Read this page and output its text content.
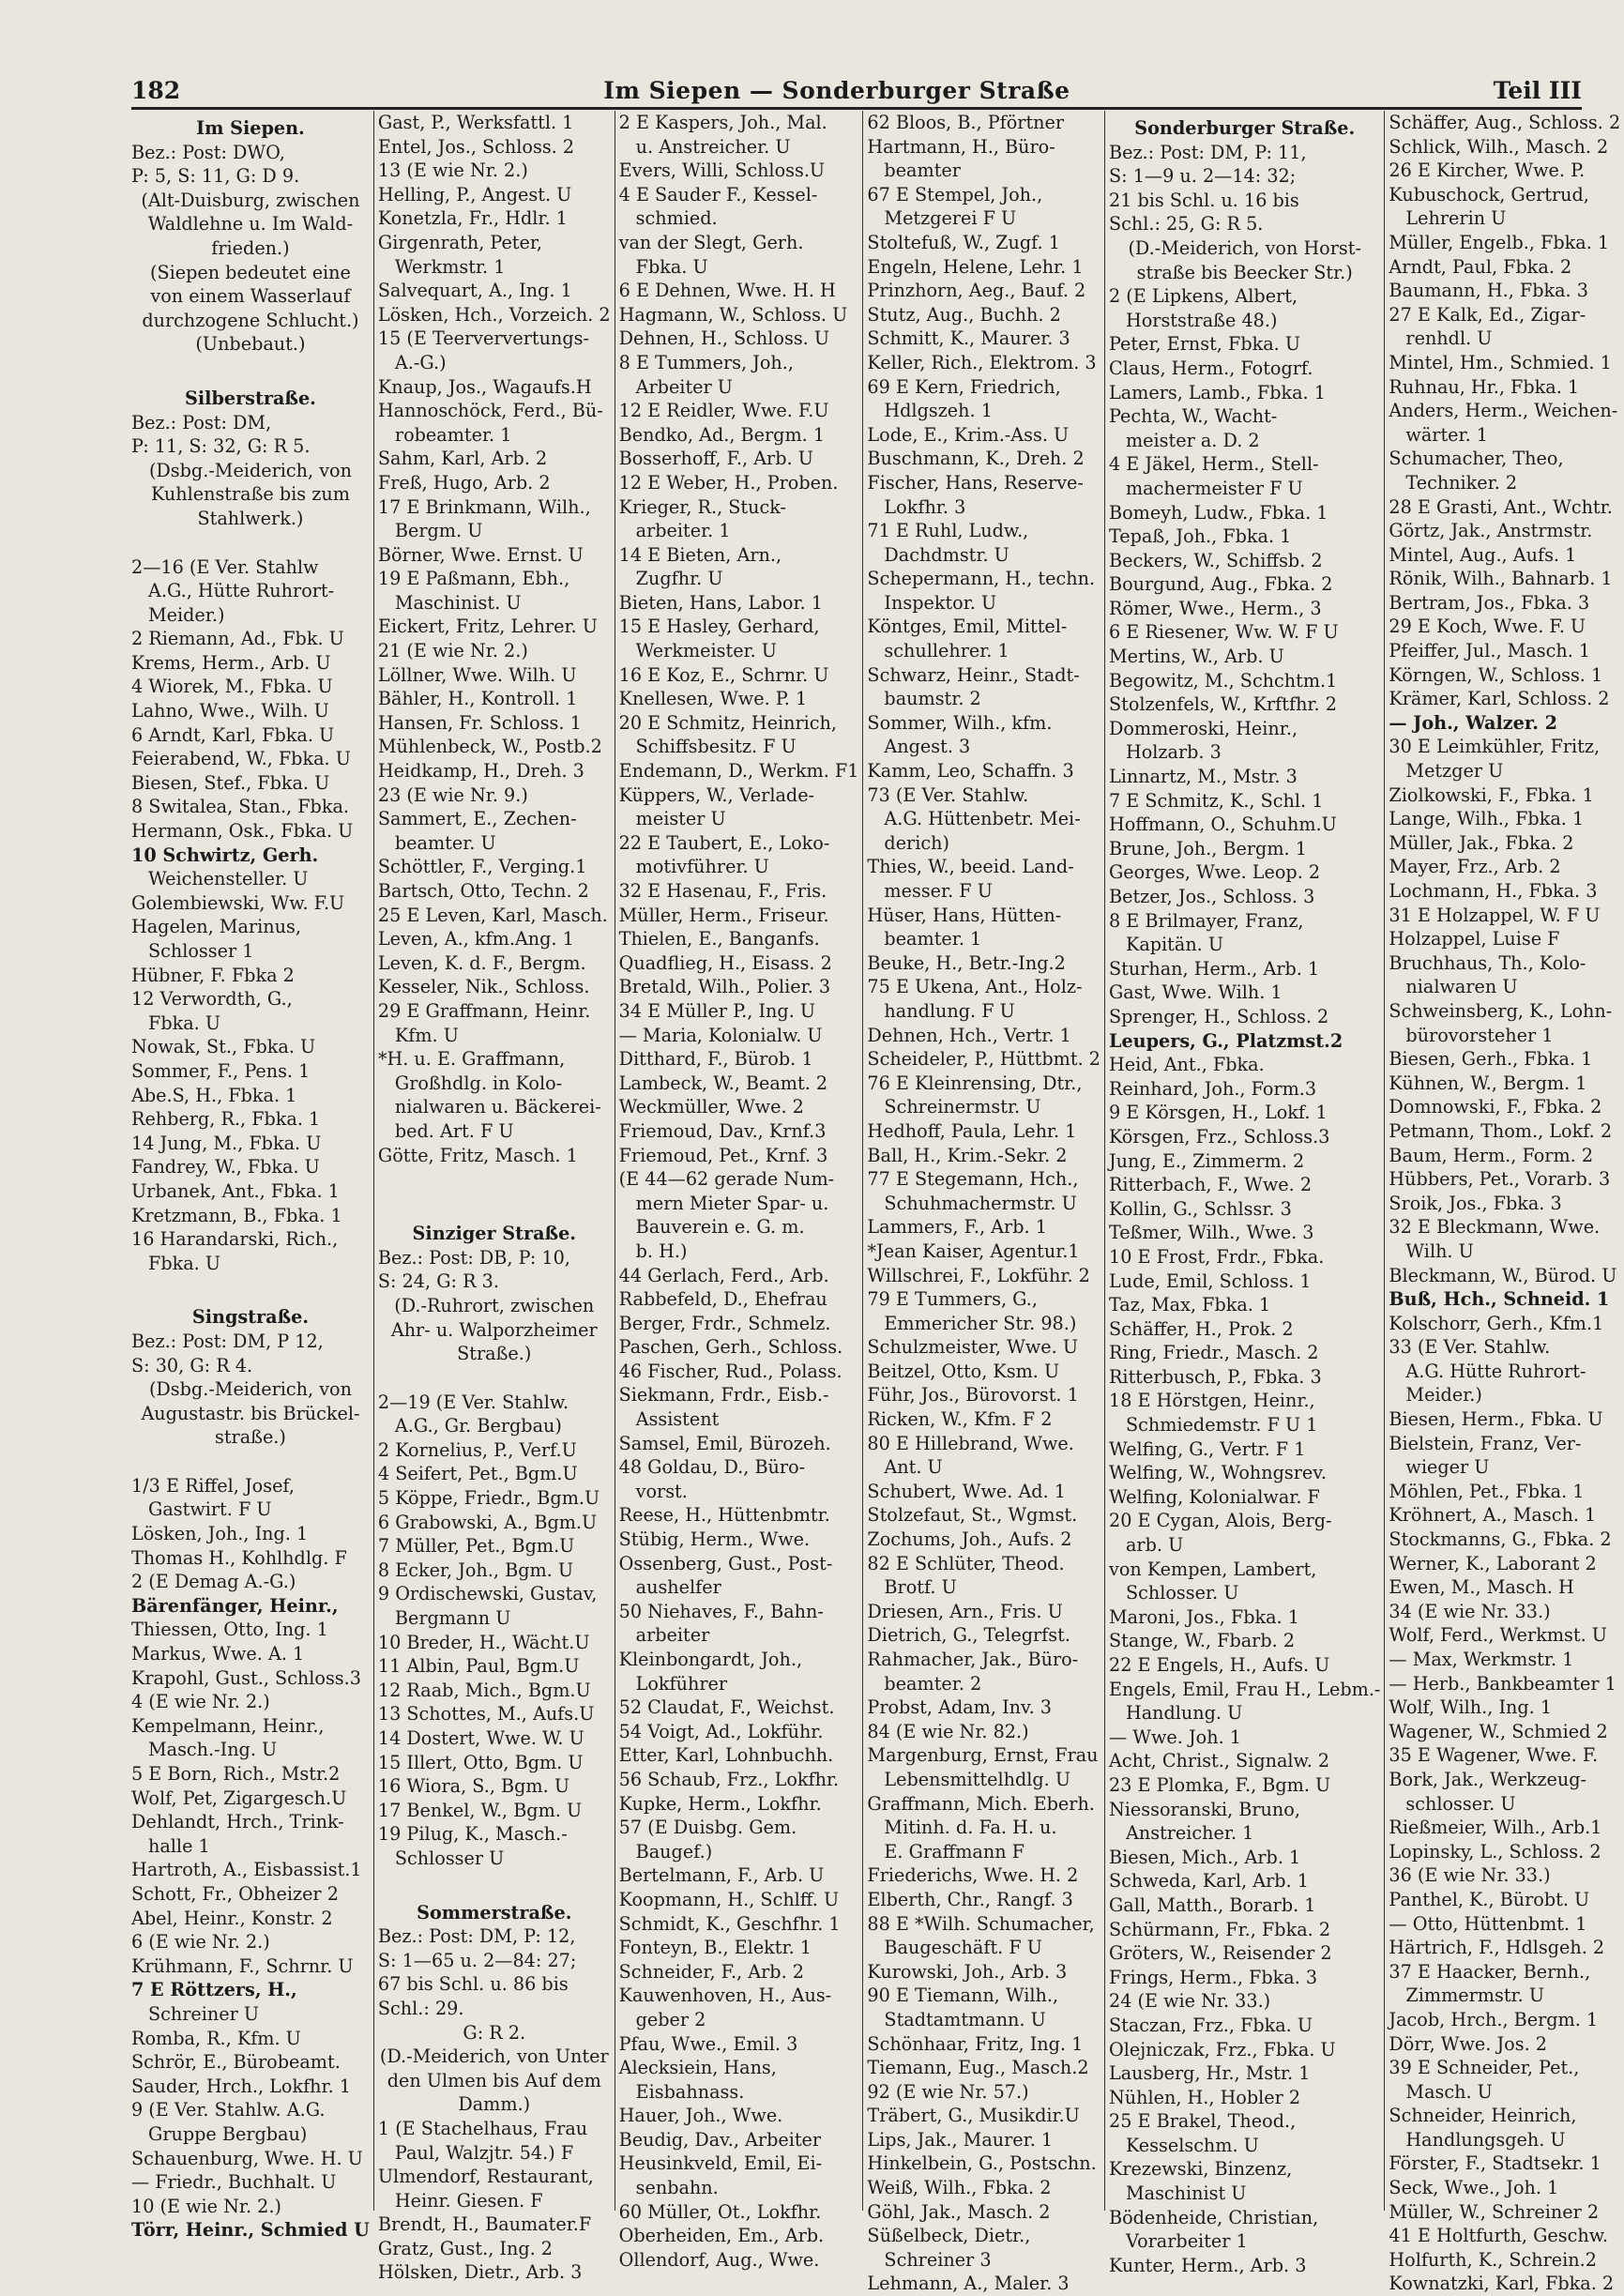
182	Im Siepen — Sonderburger Straße	Teil III
Im Siepen.
Bez.: Post: DWO,
P: 5, S: 11, G: D 9.
(Alt-Duisburg, zwischen
Waldlehne u. Im Wald-
frieden.)
(Siepen bedeutet eine
von einem Wasserlauf
durchzogene Schlucht.)
(Unbebaut.)
Silberstraße.
Bez.: Post: DM,
P: 11, S: 32, G: R 5.
(Dsbg.-Meiderich, von
Kuhlenstraße bis zum
Stahlwerk.)
2—16 (E Ver. Stahlw
A.G., Hütte Ruhrort-
Meider.)
2 Riemann, Ad., Fbk. U
Krems, Herm., Arb. U
4 Wiorek, M., Fbka. U
Lahno, Wwe., Wilh. U
6 Arndt, Karl, Fbka. U
Feierabend, W., Fbka. U
Biesen, Stef., Fbka. U
8 Switalea, Stan., Fbka.
Hermann, Osk., Fbka. U
10 Schwirtz, Gerh.
Weichensteller. U
Golembiewski, Ww. F.U
Hagelen, Marinus,
Schlosser 1
Hübner, F. Fbka 2
12 Verwordth, G.,
Fbka. U
Nowak, St., Fbka. U
Sommer, F., Pens. 1
Abe.S, H., Fbka. 1
Rehberg, R., Fbka. 1
14 Jung, M., Fbka. U
Fandrey, W., Fbka. U
Urbanek, Ant., Fbka. 1
Kretzmann, B., Fbka. 1
16 Harandarski, Rich.,
Fbka. U
Singstraße.
Bez.: Post: DM, P 12,
S: 30, G: R 4.
(Dsbg.-Meiderich, von
Augustastr. bis Brückel-
straße.)
1/3 E Riffel, Josef,
Gastwirt. F U
Lösken, Joh., Ing. 1
Thomas H., Kohlhdlg. F
2 (E Demag A.-G.)
Bärenfänger, Heinr.,
Thiessen, Otto, Ing. 1
Markus, Wwe. A. 1
Krapohl, Gust., Schloss.3
4 (E wie Nr. 2.)
Kempelmann, Heinr.,
Masch.-Ing. U
5 E Born, Rich., Mstr.2
Wolf, Pet, Zigargesch.U
Dehlandt, Hrch., Trink-
halle 1
Hartroth, A., Eisbassist.1
Schott, Fr., Obheizer 2
Abel, Heinr., Konstr. 2
6 (E wie Nr. 2.)
Krühmann, F., Schrnr. U
7 E Röttzers, H.,
Schreiner U
Romba, R., Kfm. U
Schrör, E., Bürobeamt.
Sauder, Hrch., Lokfhr. 1
9 (E Ver. Stahlw. A.G.
Gruppe Bergbau)
Schauenburg, Wwe. H. U
— Friedr., Buchhalt. U
10 (E wie Nr. 2.)
Törr, Heinr., Schmied U
Gast, P., Werksfattl. 1
Entel, Jos., Schloss. 2
13 (E wie Nr. 2.)
Helling, P., Angest. U
Konetzla, Fr., Hdlr. 1
Girgenrath, Peter,
Werkmstr. 1
Salvequart, A., Ing. 1
Lösken, Hch., Vorzeich. 2
15 (E Teerververtungs-
A.-G.)
Knaup, Jos., Wagaufs.H
Hannoschöck, Ferd., Bü-
robeamter. 1
Sahm, Karl, Arb. 2
Freß, Hugo, Arb. 2
17 E Brinkmann, Wilh.,
Bergm. U
Börner, Wwe. Ernst. U
19 E Paßmann, Ebh.,
Maschinist. U
Eickert, Fritz, Lehrer. U
21 (E wie Nr. 2.)
Löllner, Wwe. Wilh. U
Bähler, H., Kontroll. 1
Hansen, Fr. Schloss. 1
Mühlenbeck, W., Postb.2
Heidkamp, H., Dreh. 3
23 (E wie Nr. 9.)
Sammert, E., Zechen-
beamter. U
Schöttler, F., Verging.1
Bartsch, Otto, Techn. 2
25 E Leven, Karl, Masch.
Leven, A., kfm.Ang. 1
Leven, K. d. F., Bergm.
Kesseler, Nik., Schloss.
29 E Graffmann, Heinr.
Kfm. U
*H. u. E. Graffmann,
Großhdlg. in Kolo-
nialwaren u. Bäckerei-
bed. Art. F U
Götte, Fritz, Masch. 1
Sinziger Straße.
Bez.: Post: DB, P: 10,
S: 24, G: R 3.
(D.-Ruhrort, zwischen
Ahr- u. Walporzheimer
Straße.)
2—19 (E Ver. Stahlw.
A.G., Gr. Bergbau)
2 Kornelius, P., Verf.U
4 Seifert, Pet., Bgm.U
5 Köppe, Friedr., Bgm.U
6 Grabowski, A., Bgm.U
7 Müller, Pet., Bgm.U
8 Ecker, Joh., Bgm. U
9 Ordischewski, Gustav,
Bergmann U
10 Breder, H., Wächt.U
11 Albin, Paul, Bgm.U
12 Raab, Mich., Bgm.U
13 Schottes, M., Aufs.U
14 Dostert, Wwe. W. U
15 Illert, Otto, Bgm. U
16 Wiora, S., Bgm. U
17 Benkel, W., Bgm. U
19 Pilug, K., Masch.-
Schlosser U
Sommerstraße.
Bez.: Post: DM, P: 12,
S: 1—65 u. 2—84: 27;
67 bis Schl. u. 86 bis
Schl.: 29.
G: R 2.
(D.-Meiderich, von Unter
den Ulmen bis Auf dem
Damm.)
1 (E Stachelhaus, Frau
Paul, Walzjtr. 54.) F
Ulmendorf, Restaurant,
Heinr. Giesen. F
Brendt, H., Baumater.F
Gratz, Gust., Ing. 2
Hölsken, Dietr., Arb. 3
2 E Kaspers, Joh., Mal.
u. Anstreicher. U
Evers, Willi, Schloss.U
4 E Sauder F., Kessel-
schmied.
van der Slegt, Gerh.
Fbka. U
6 E Dehnen, Wwe. H. H
Hagmann, W., Schloss. U
Dehnen, H., Schloss. U
8 E Tummers, Joh.,
Arbeiter U
12 E Reidler, Wwe. F.U
Bendko, Ad., Bergm. 1
Bosserhoff, F., Arb. U
12 E Weber, H., Proben.
Krieger, R., Stuck-
arbeiter. 1
14 E Bieten, Arn.,
Zugfhr. U
Bieten, Hans, Labor. 1
15 E Hasley, Gerhard,
Werkmeister. U
16 E Koz, E., Schrnr. U
Knellesen, Wwe. P. 1
20 E Schmitz, Heinrich,
Schiffsbesitz. F U
Endemann, D., Werkm. F1
Küppers, W., Verlade-
meister U
22 E Taubert, E., Loko-
motivführer. U
32 E Hasenau, F., Fris.
Müller, Herm., Friseur.
Thielen, E., Banganfs.
Quadflieg, H., Eisass. 2
Bretald, Wilh., Polier. 3
34 E Müller P., Ing. U
— Maria, Kolonialw. U
Ditthard, F., Bürob. 1
Lambeck, W., Beamt. 2
Weckmüller, Wwe. 2
Friemoud, Dav., Krnf.3
Friemoud, Pet., Krnf. 3
(E 44—62 gerade Num-
mern Mieter Spar- u.
Bauverein e. G. m.
b. H.)
44 Gerlach, Ferd., Arb.
Rabbefeld, D., Ehefrau
Berger, Frdr., Schmelz.
Paschen, Gerh., Schloss.
46 Fischer, Rud., Polass.
Siekmann, Frdr., Eisb.-
Assistent
Samsel, Emil, Bürozeh.
48 Goldau, D., Büro-
vorst.
Reese, H., Hüttenbmtr.
Stübig, Herm., Wwe.
Ossenberg, Gust., Post-
aushelfer
50 Niehaves, F., Bahn-
arbeiter
Kleinbongardt, Joh.,
Lokführer
52 Claudat, F., Weichst.
54 Voigt, Ad., Lokführ.
Etter, Karl, Lohnbuchh.
56 Schaub, Frz., Lokfhr.
Kupke, Herm., Lokfhr.
57 (E Duisbg. Gem.
Baugef.)
Bertelmann, F., Arb. U
Koopmann, H., Schlff. U
Schmidt, K., Geschfhr. 1
Fonteyn, B., Elektr. 1
Schneider, F., Arb. 2
Kauwenhoven, H., Aus-
geber 2
Pfau, Wwe., Emil. 3
Alecksiein, Hans,
Eisbahnass.
Hauer, Joh., Wwe.
Beudig, Dav., Arbeiter
Heusinkveld, Emil, Ei-
senbahn.
60 Müller, Ot., Lokfhr.
Oberheiden, Em., Arb.
Ollendorf, Aug., Wwe.
62 Bloos, B., Pförtner
Hartmann, H., Büro-
beamter
67 E Stempel, Joh.,
Metzgerei F U
Stoltefuß, W., Zugf. 1
Engeln, Helene, Lehr. 1
Prinzhorn, Aeg., Bauf. 2
Stutz, Aug., Buchh. 2
Schmitt, K., Maurer. 3
Keller, Rich., Elektrom. 3
69 E Kern, Friedrich,
Hdlgszeh. 1
Lode, E., Krim.-Ass. U
Buschmann, K., Dreh. 2
Fischer, Hans, Reserve-
Lokfhr. 3
71 E Ruhl, Ludw.,
Dachdmstr. U
Schepermann, H., techn.
Inspektor. U
Köntges, Emil, Mittel-
schullehrer. 1
Schwarz, Heinr., Stadt-
baumstr. 2
Sommer, Wilh., kfm.
Angest. 3
Kamm, Leo, Schaffn. 3
73 (E Ver. Stahlw.
A.G. Hüttenbetr. Mei-
derich)
Thies, W., beeid. Land-
messer. F U
Hüser, Hans, Hütten-
beamter. 1
Beuke, H., Betr.-Ing.2
75 E Ukena, Ant., Holz-
handlung. F U
Dehnen, Hch., Vertr. 1
Scheideler, P., Hüttbmt. 2
76 E Kleinrensing, Dtr.,
Schreinermstr. U
Hedhoff, Paula, Lehr. 1
Ball, H., Krim.-Sekr. 2
77 E Stegemann, Hch.,
Schuhmachermstr. U
Lammers, F., Arb. 1
*Jean Kaiser, Agentur.1
Willschrei, F., Lokführ. 2
79 E Tummers, G.,
Emmericher Str. 98.)
Schulzmeister, Wwe. U
Beitzel, Otto, Ksm. U
Führ, Jos., Bürovorst. 1
Ricken, W., Kfm. F 2
80 E Hillebrand, Wwe.
Ant. U
Schubert, Wwe. Ad. 1
Stolzefaut, St., Wgmst.
Zochums, Joh., Aufs. 2
82 E Schlüter, Theod.
Brotf. U
Driesen, Arn., Fris. U
Dietrich, G., Telegrfst.
Rahmacher, Jak., Büro-
beamter. 2
Probst, Adam, Inv. 3
84 (E wie Nr. 82.)
Margenburg, Ernst, Frau
Lebensmittelhdlg. U
Graffmann, Mich. Eberh.
Mitinh. d. Fa. H. u.
E. Graffmann F
Friederichs, Wwe. H. 2
Elberth, Chr., Rangf. 3
88 E *Wilh. Schumacher,
Baugeschäft. F U
Kurowski, Joh., Arb. 3
90 E Tiemann, Wilh.,
Stadtamtmann. U
Schönhaar, Fritz, Ing. 1
Tiemann, Eug., Masch.2
92 (E wie Nr. 57.)
Träbert, G., Musikdir.U
Lips, Jak., Maurer. 1
Hinkelbein, G., Postschn.
Weiß, Wilh., Fbka. 2
Göhl, Jak., Masch. 2
Süßelbeck, Dietr.,
Schreiner 3
Lehmann, A., Maler. 3
Sonderburger Straße.
Bez.: Post: DM, P: 11,
S: 1—9 u. 2—14: 32;
21 bis Schl. u. 16 bis
Schl.: 25, G: R 5.
(D.-Meiderich, von Horst-
straße bis Beecker Str.)
2 (E Lipkens, Albert,
Horststraße 48.)
Peter, Ernst, Fbka. U
Claus, Herm., Fotogrf.
Lamers, Lamb., Fbka. 1
Pechta, W., Wacht-
meister a. D. 2
4 E Jäkel, Herm., Stell-
machermeister F U
Bomeyh, Ludw., Fbka. 1
Tepaß, Joh., Fbka. 1
Beckers, W., Schiffsb. 2
Bourgund, Aug., Fbka. 2
Römer, Wwe., Herm., 3
6 E Riesener, Ww. W. F U
Mertins, W., Arb. U
Begowitz, M., Schchtm.1
Stolzenfels, W., Krftfhr. 2
Dommeroski, Heinr.,
Holzarb. 3
Linnartz, M., Mstr. 3
7 E Schmitz, K., Schl. 1
Hoffmann, O., Schuhm.U
Brune, Joh., Bergm. 1
Georges, Wwe. Leop. 2
Betzer, Jos., Schloss. 3
8 E Brilmayer, Franz,
Kapitän. U
Sturhan, Herm., Arb. 1
Gast, Wwe. Wilh. 1
Sprenger, H., Schloss. 2
Leupers, G., Platzmst.2
Heid, Ant., Fbka.
Reinhard, Joh., Form.3
9 E Körsgen, H., Lokf. 1
Körsgen, Frz., Schloss.3
Jung, E., Zimmerm. 2
Ritterbach, F., Wwe. 2
Kollin, G., Schlssr. 3
Teßmer, Wilh., Wwe. 3
10 E Frost, Frdr., Fbka.
Lude, Emil, Schloss. 1
Taz, Max, Fbka. 1
Schäffer, H., Prok. 2
Ring, Friedr., Masch. 2
Ritterbusch, P., Fbka. 3
18 E Hörstgen, Heinr.,
Schmiedemstr. F U 1
Welfing, G., Vertr. F 1
Welfing, W., Wohngsrev.
Welfing, Kolonialwar. F
20 E Cygan, Alois, Berg-
arb. U
von Kempen, Lambert,
Schlosser. U
Maroni, Jos., Fbka. 1
Stange, W., Fbarb. 2
22 E Engels, H., Aufs. U
Engels, Emil, Frau H., Lebm.-
Handlung. U
— Wwe. Joh. 1
Acht, Christ., Signalw. 2
23 E Plomka, F., Bgm. U
Niessoranski, Bruno,
Anstreicher. 1
Biesen, Mich., Arb. 1
Schweda, Karl, Arb. 1
Gall, Matth., Borarb. 1
Schürmann, Fr., Fbka. 2
Gröters, W., Reisender 2
Frings, Herm., Fbka. 3
24 (E wie Nr. 33.)
Staczan, Frz., Fbka. U
Olejniczak, Frz., Fbka. U
Lausberg, Hr., Mstr. 1
Nühlen, H., Hobler 2
25 E Brakel, Theod.,
Kesselschm. U
Krezewski, Binzenz,
Maschinist U
Bödenheide, Christian,
Vorarbeiter 1
Kunter, Herm., Arb. 3
Schäffer, Aug., Schloss. 2
Schlick, Wilh., Masch. 2
26 E Kircher, Wwe. P.
Kubuschock, Gertrud,
Lehrerin U
Müller, Engelb., Fbka. 1
Arndt, Paul, Fbka. 2
Baumann, H., Fbka. 3
27 E Kalk, Ed., Zigar-
renhdl. U
Mintel, Hm., Schmied. 1
Ruhnau, Hr., Fbka. 1
Anders, Herm., Weichen-
wärter. 1
Schumacher, Theo,
Techniker. 2
28 E Grasti, Ant., Wchtr.
Görtz, Jak., Anstrmstr.
Mintel, Aug., Aufs. 1
Rönik, Wilh., Bahnarb. 1
Bertram, Jos., Fbka. 3
29 E Koch, Wwe. F. U
Pfeiffer, Jul., Masch. 1
Körngen, W., Schloss. 1
Krämer, Karl, Schloss. 2
— Joh., Walzer. 2
30 E Leimkühler, Fritz,
Metzger U
Ziolkowski, F., Fbka. 1
Lange, Wilh., Fbka. 1
Müller, Jak., Fbka. 2
Mayer, Frz., Arb. 2
Lochmann, H., Fbka. 3
31 E Holzappel, W. F U
Holzappel, Luise F
Bruchhaus, Th., Kolo-
nialwaren U
Schweinsberg, K., Lohn-
bürovorsteher 1
Biesen, Gerh., Fbka. 1
Kühnen, W., Bergm. 1
Domnowski, F., Fbka. 2
Petmann, Thom., Lokf. 2
Baum, Herm., Form. 2
Hübbers, Pet., Vorarb. 3
Sroik, Jos., Fbka. 3
32 E Bleckmann, Wwe.
Wilh. U
Bleckmann, W., Bürod. U
Buß, Hch., Schneid. 1
Kolschorr, Gerh., Kfm.1
33 (E Ver. Stahlw.
A.G. Hütte Ruhrort-
Meider.)
Biesen, Herm., Fbka. U
Bielstein, Franz, Ver-
wieger U
Möhlen, Pet., Fbka. 1
Kröhnert, A., Masch. 1
Stockmanns, G., Fbka. 2
Werner, K., Laborant 2
Ewen, M., Masch. H
34 (E wie Nr. 33.)
Wolf, Ferd., Werkmst. U
— Max, Werkmstr. 1
— Herb., Bankbeamter 1
Wolf, Wilh., Ing. 1
Wagener, W., Schmied 2
35 E Wagener, Wwe. F.
Bork, Jak., Werkzeug-
schlosser. U
Rießmeier, Wilh., Arb.1
Lopinsky, L., Schloss. 2
36 (E wie Nr. 33.)
Panthel, K., Bürobt. U
— Otto, Hüttenbmt. 1
Härtrich, F., Hdlsgeh. 2
37 E Haacker, Bernh.,
Zimmermstr. U
Jacob, Hrch., Bergm. 1
Dörr, Wwe. Jos. 2
39 E Schneider, Pet.,
Masch. U
Schneider, Heinrich,
Handlungsgeh. U
Förster, F., Stadtsekr. 1
Seck, Wwe., Joh. 1
Müller, W., Schreiner 2
41 E Holtfurth, Geschw.
Holfurth, K., Schrein.2
Kownatzki, Karl, Fbka. 2
